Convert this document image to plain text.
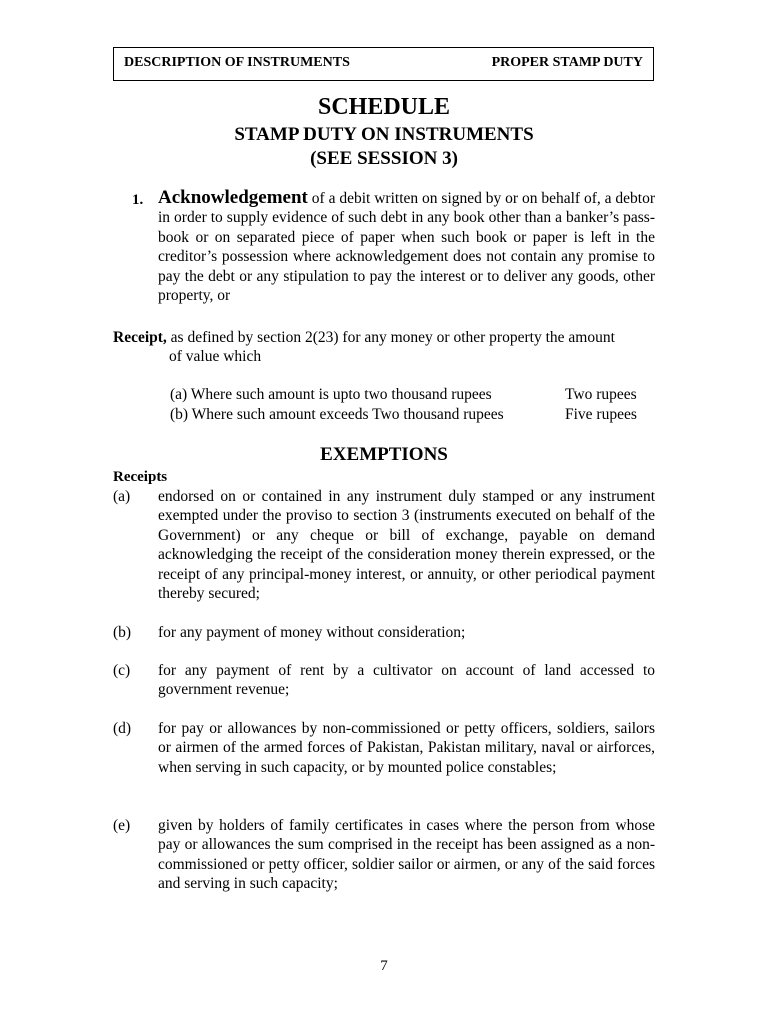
DESCRIPTION OF INSTRUMENTS	PROPER STAMP DUTY
SCHEDULE
STAMP DUTY ON INSTRUMENTS
(SEE SESSION 3)
1. Acknowledgement of a debit written on signed by or on behalf of, a debtor in order to supply evidence of such debt in any book other than a banker’s pass-book or on separated piece of paper when such book or paper is left in the creditor’s possession where acknowledgement does not contain any promise to pay the debt or any stipulation to pay the interest or to deliver any goods, other property, or
Receipt, as defined by section 2(23) for any money or other property the amount
of value which
(a) Where such amount is upto two thousand rupees	Two rupees
(b) Where such amount exceeds Two thousand rupees	Five rupees
EXEMPTIONS
Receipts
(a) endorsed on or contained in any instrument duly stamped or any instrument exempted under the proviso to section 3 (instruments executed on behalf of the Government) or any cheque or bill of exchange, payable on demand acknowledging the receipt of the consideration money therein expressed, or the receipt of any principal-money interest, or annuity, or other periodical payment thereby secured;
(b) for any payment of money without consideration;
(c) for any payment of rent by a cultivator on account of land accessed to government revenue;
(d) for pay or allowances by non-commissioned or petty officers, soldiers, sailors or airmen of the armed forces of Pakistan, Pakistan military, naval or airforces, when serving in such capacity, or by mounted police constables;
(e) given by holders of family certificates in cases where the person from whose pay or allowances the sum comprised in the receipt has been assigned as a non-commissioned or petty officer, soldier sailor or airmen, or any of the said forces and serving in such capacity;
7
